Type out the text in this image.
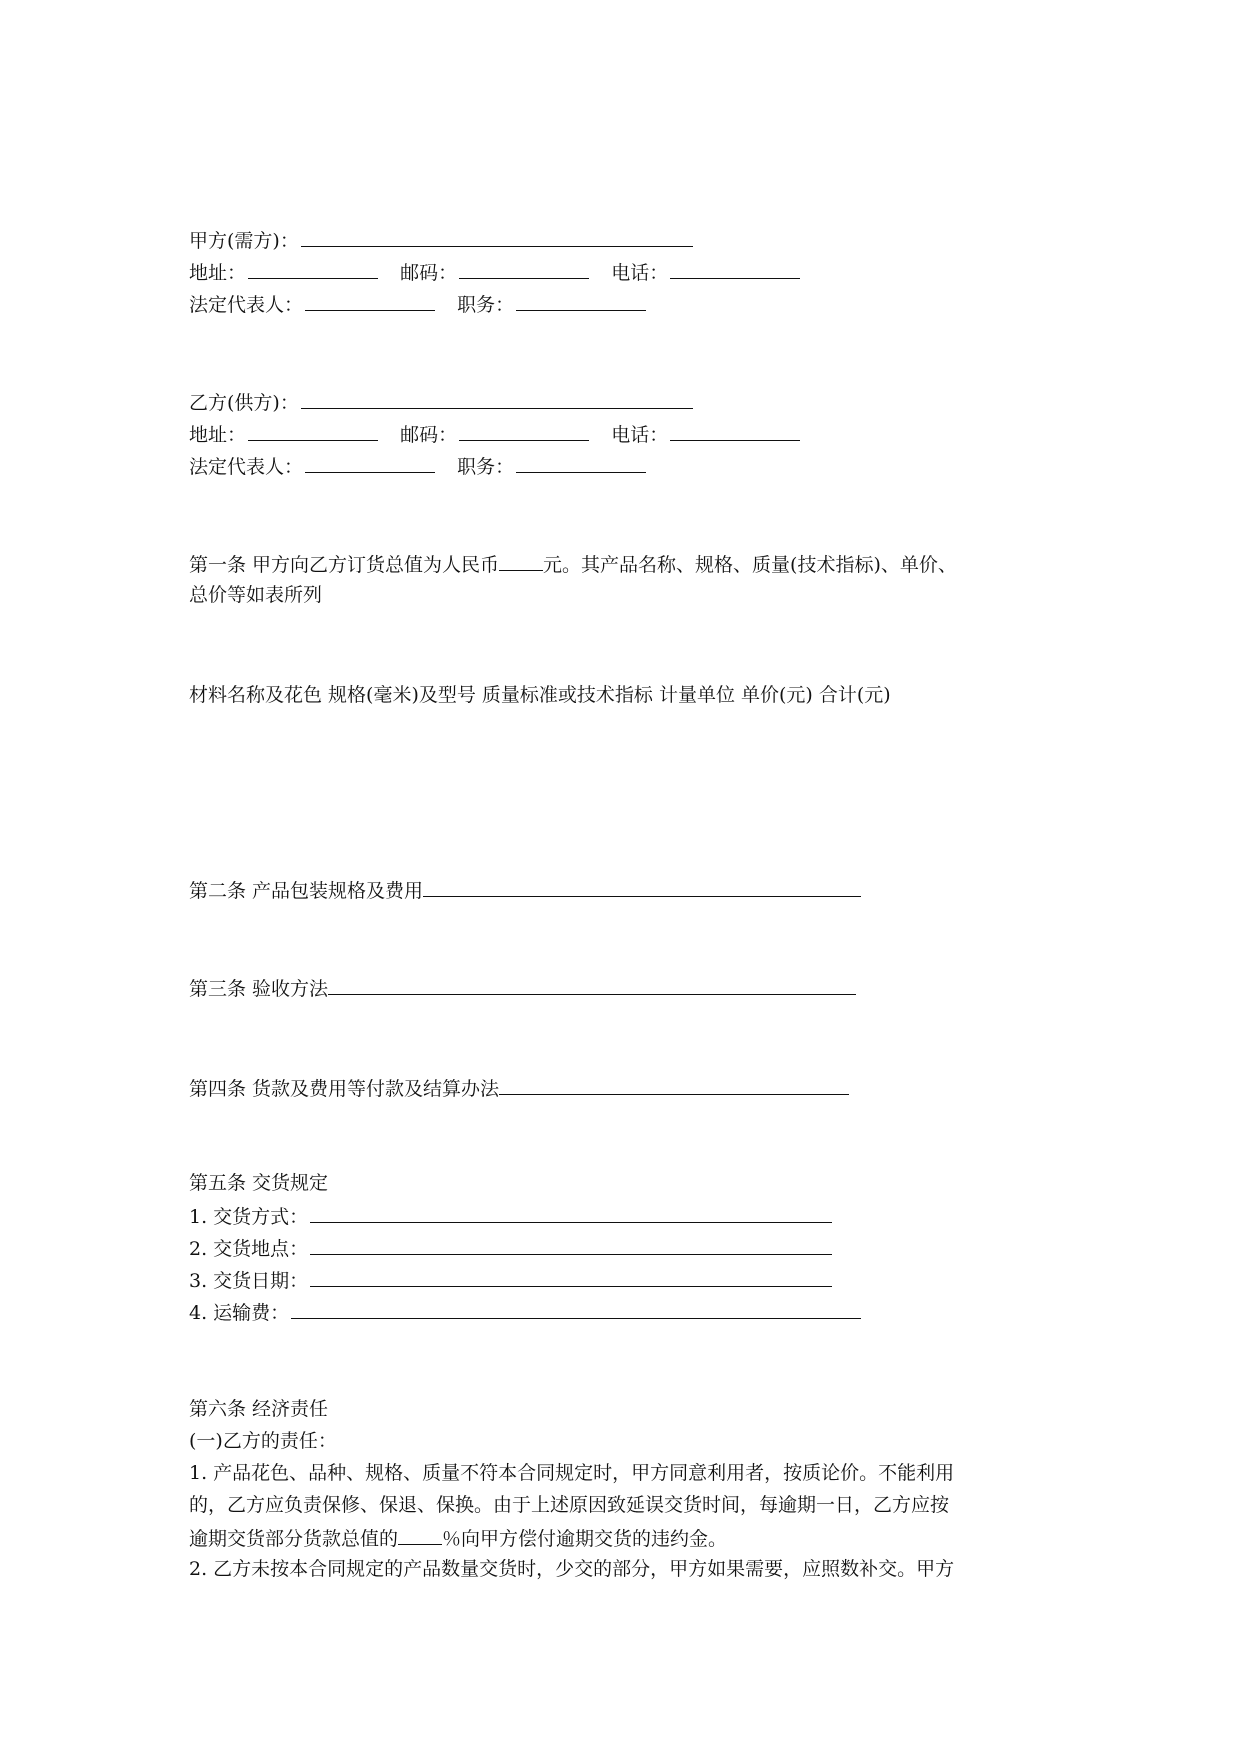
甲方(需方)：
地址：	邮码：	电话：
法定代表人：	职务：
乙方(供方)：
地址：	邮码：	电话：
法定代表人：	职务：
第一条 甲方向乙方订货总值为人民币 元。其产品名称、规格、质量(技术指标)、单价、
总价等如表所列
材料名称及花色 规格(毫米)及型号 质量标准或技术指标 计量单位 单价(元) 合计(元)
第二条 产品包装规格及费用
第三条 验收方法
第四条 货款及费用等付款及结算办法
第五条 交货规定
1. 交货方式：
2. 交货地点：
3. 交货日期：
4. 运输费：
第六条 经济责任
(一)乙方的责任：
1. 产品花色、品种、规格、质量不符本合同规定时，甲方同意利用者，按质论价。不能利用
的，乙方应负责保修、保退、保换。由于上述原因致延误交货时间，每逾期一日，乙方应按
逾期交货部分货款总值的 ％向甲方偿付逾期交货的违约金。
2. 乙方未按本合同规定的产品数量交货时，少交的部分，甲方如果需要，应照数补交。甲方
